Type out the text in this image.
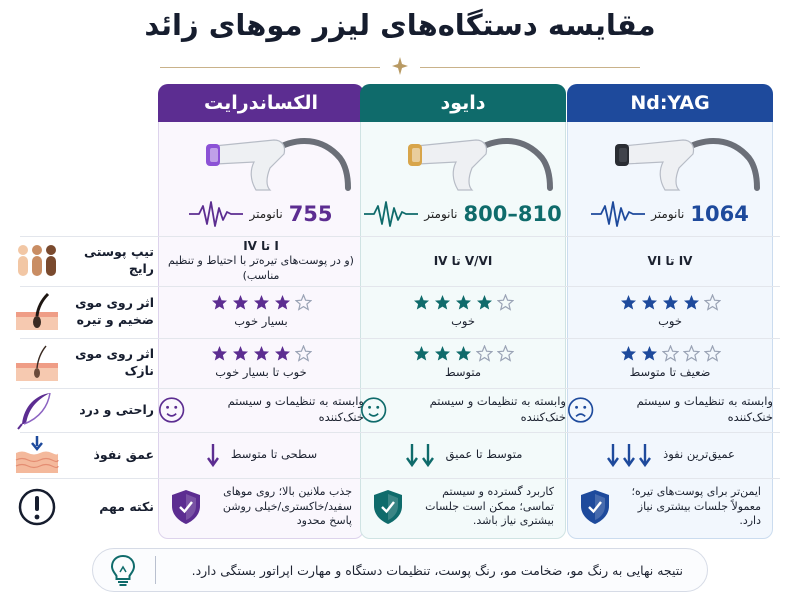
مقایسه دستگاه‌های لیزر موهای زائد
الکساندرایت
نانومتر 755
دایود
نانومتر 800–810
Nd:YAG
نانومتر 1064
تیپ پوستی رایج
اثر روی موی ضخیم و تیره
اثر روی موی نازک
راحتی و درد
عمق نفوذ
نکته مهم
I تا IV
(و در پوست‌های تیره‌تر با احتیاط و تنظیم مناسب)
بسیار خوب
خوب تا بسیار خوب
وابسته به تنظیمات و سیستم خنک‌کننده
سطحی تا متوسط
جذب ملانین بالا؛ روی موهای سفید/خاکستری/خیلی روشن پاسخ محدود
V/VI تا IV
خوب
متوسط
وابسته به تنظیمات و سیستم خنک‌کننده
متوسط تا عمیق
کاربرد گسترده و سیستم تماسی؛ ممکن است جلسات بیشتری نیاز باشد.
IV تا VI
خوب
ضعیف تا متوسط
وابسته به تنظیمات و سیستم خنک‌کننده
عمیق‌ترین نفوذ
ایمن‌تر برای پوست‌های تیره؛ معمولاً جلسات بیشتری نیاز دارد.
نتیجه نهایی به رنگ مو، ضخامت مو، رنگ پوست، تنظیمات دستگاه و مهارت اپراتور بستگی دارد.
